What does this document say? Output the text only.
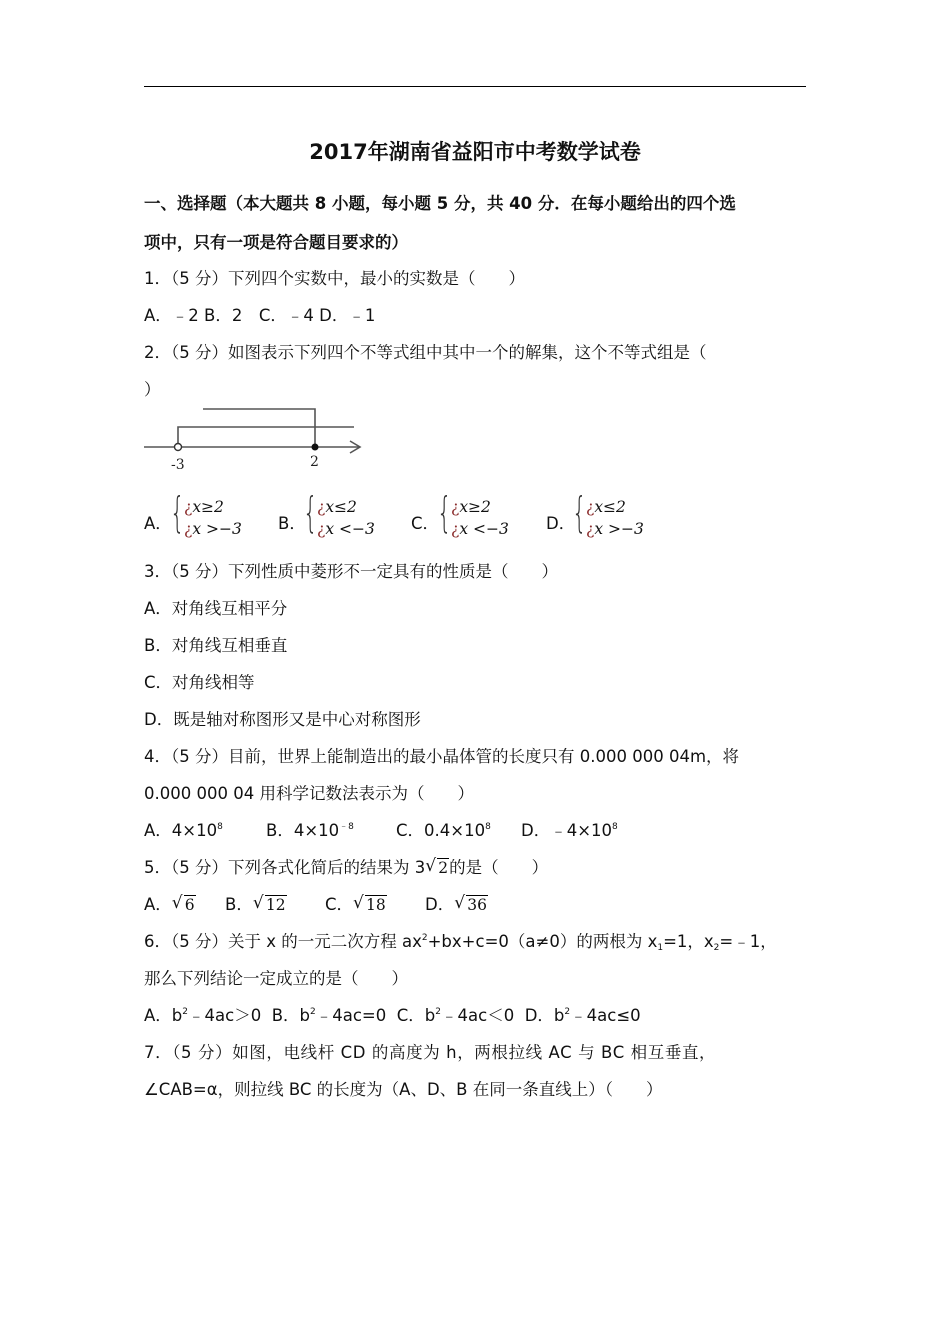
2017年湖南省益阳市中考数学试卷
一、选择题（本大题共 8 小题，每小题 5 分，共 40 分．在每小题给出的四个选
项中，只有一项是符合题目要求的）
1．（5 分）下列四个实数中，最小的实数是（　　）
A．﹣2 B．2　C．﹣4 D．﹣1
2．（5 分）如图表示下列四个不等式组中其中一个的解集，这个不等式组是（
）
-3	2
A．
{ ¿x≥2
¿x >−3 B．
{ ¿x≤2
¿x <−3 C．
{ ¿x≥2
¿x <−3 D．
{ ¿x≤2
¿x >−3
3．（5 分）下列性质中菱形不一定具有的性质是（　　）
A．对角线互相平分
B．对角线互相垂直
C．对角线相等
D．既是轴对称图形又是中心对称图形
4．（5 分）目前，世界上能制造出的最小晶体管的长度只有 0.000 000 04m，将
0.000 000 04 用科学记数法表示为（　　）
A．$4\times 10^8$	B．$4\times 10^{﹣8}$	C．$0.4\times 10^8$ D．$﹣4\times 10^8$
5．（5 分）下列各式化简后的结果为 3 √ 2的是（　　）
A． √ 6 B． √ 12 C． √ 18 D． √ 36
6．（5 分）关于 x 的一元二次方程 $ax^2+bx+c=0(a\ne 0)$的两根为 $x_1=1$，$x_2=﹣1$，
那么下列结论一定成立的是（　　）
A．$b^2﹣4ac>0$ B．$b^2﹣4ac=0$ C．$b^2﹣4ac<0$ D．$b^2﹣4ac\le 0$
7．（5 分）如图，电线杆 CD 的高度为 h，两根拉线 AC 与 BC 相互垂直，
∠CAB=α，则拉线 BC 的长度为（A、D、B 在同一条直线上）（　　）
